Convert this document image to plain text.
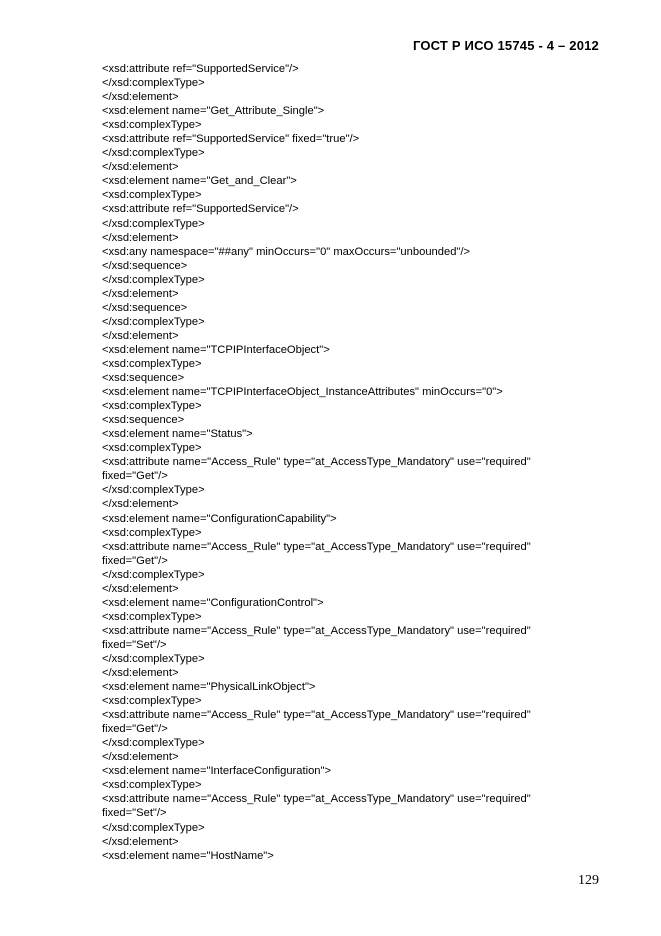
ГОСТ Р ИСО 15745 - 4 – 2012
<xsd:attribute ref="SupportedService"/>
</xsd:complexType>
</xsd:element>
<xsd:element name="Get_Attribute_Single">
<xsd:complexType>
<xsd:attribute ref="SupportedService" fixed="true"/>
</xsd:complexType>
</xsd:element>
<xsd:element name="Get_and_Clear">
<xsd:complexType>
<xsd:attribute ref="SupportedService"/>
</xsd:complexType>
</xsd:element>
<xsd:any namespace="##any" minOccurs="0" maxOccurs="unbounded"/>
</xsd:sequence>
</xsd:complexType>
</xsd:element>
</xsd:sequence>
</xsd:complexType>
</xsd:element>
<xsd:element name="TCPIPInterfaceObject">
<xsd:complexType>
<xsd:sequence>
<xsd:element name="TCPIPInterfaceObject_InstanceAttributes" minOccurs="0">
<xsd:complexType>
<xsd:sequence>
<xsd:element name="Status">
<xsd:complexType>
<xsd:attribute name="Access_Rule" type="at_AccessType_Mandatory" use="required"
fixed="Get"/>
</xsd:complexType>
</xsd:element>
<xsd:element name="ConfigurationCapability">
<xsd:complexType>
<xsd:attribute name="Access_Rule" type="at_AccessType_Mandatory" use="required"
fixed="Get"/>
</xsd:complexType>
</xsd:element>
<xsd:element name="ConfigurationControl">
<xsd:complexType>
<xsd:attribute name="Access_Rule" type="at_AccessType_Mandatory" use="required"
fixed="Set"/>
</xsd:complexType>
</xsd:element>
<xsd:element name="PhysicalLinkObject">
<xsd:complexType>
<xsd:attribute name="Access_Rule" type="at_AccessType_Mandatory" use="required"
fixed="Get"/>
</xsd:complexType>
</xsd:element>
<xsd:element name="InterfaceConfiguration">
<xsd:complexType>
<xsd:attribute name="Access_Rule" type="at_AccessType_Mandatory" use="required"
fixed="Set"/>
</xsd:complexType>
</xsd:element>
<xsd:element name="HostName">
129
